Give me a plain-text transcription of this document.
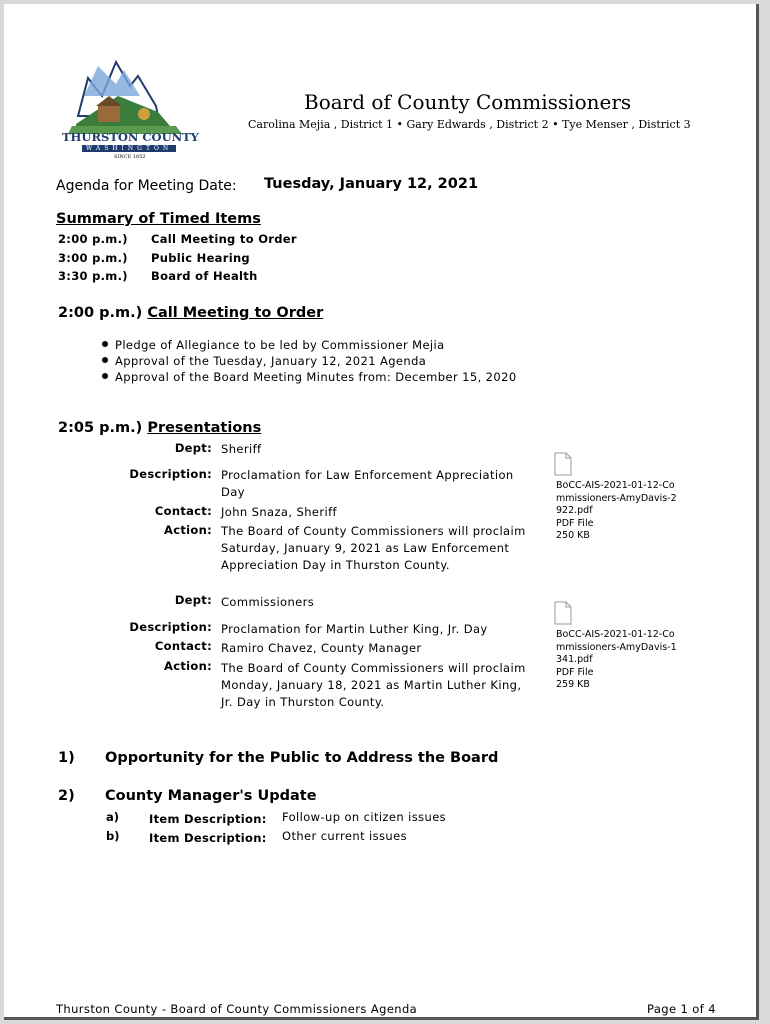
THURSTON COUNTY
WASHINGTON
SINCE 1852
Board of County Commissioners
Carolina Mejia , District 1 • Gary Edwards , District 2 • Tye Menser , District 3
Agenda for Meeting Date: Tuesday, January 12, 2021
Summary of Timed Items
2:00 p.m.) Call Meeting to Order
3:00 p.m.) Public Hearing
3:30 p.m.) Board of Health
2:00 p.m.) Call Meeting to Order
Pledge of Allegiance to be led by Commissioner Mejia
Approval of the Tuesday, January 12, 2021 Agenda
Approval of the Board Meeting Minutes from: December 15, 2020
2:05 p.m.) Presentations
Dept: Sheriff
Description: Proclamation for Law Enforcement Appreciation Day
Contact: John Snaza, Sheriff
Action: The Board of County Commissioners will proclaim Saturday, January 9, 2021 as Law Enforcement Appreciation Day in Thurston County.
BoCC-AIS-2021-01-12-Commissioners-AmyDavis-2922.pdf
PDF File
250 KB
Dept: Commissioners
Description: Proclamation for Martin Luther King, Jr. Day
Contact: Ramiro Chavez, County Manager
Action: The Board of County Commissioners will proclaim Monday, January 18, 2021 as Martin Luther King, Jr. Day in Thurston County.
BoCC-AIS-2021-01-12-Commissioners-AmyDavis-1341.pdf
PDF File
259 KB
1) Opportunity for the Public to Address the Board
2) County Manager's Update
a)	Item Description: Follow-up on citizen issues
b)	Item Description: Other current issues
Thurston County - Board of County Commissioners Agenda	Page 1 of 4
